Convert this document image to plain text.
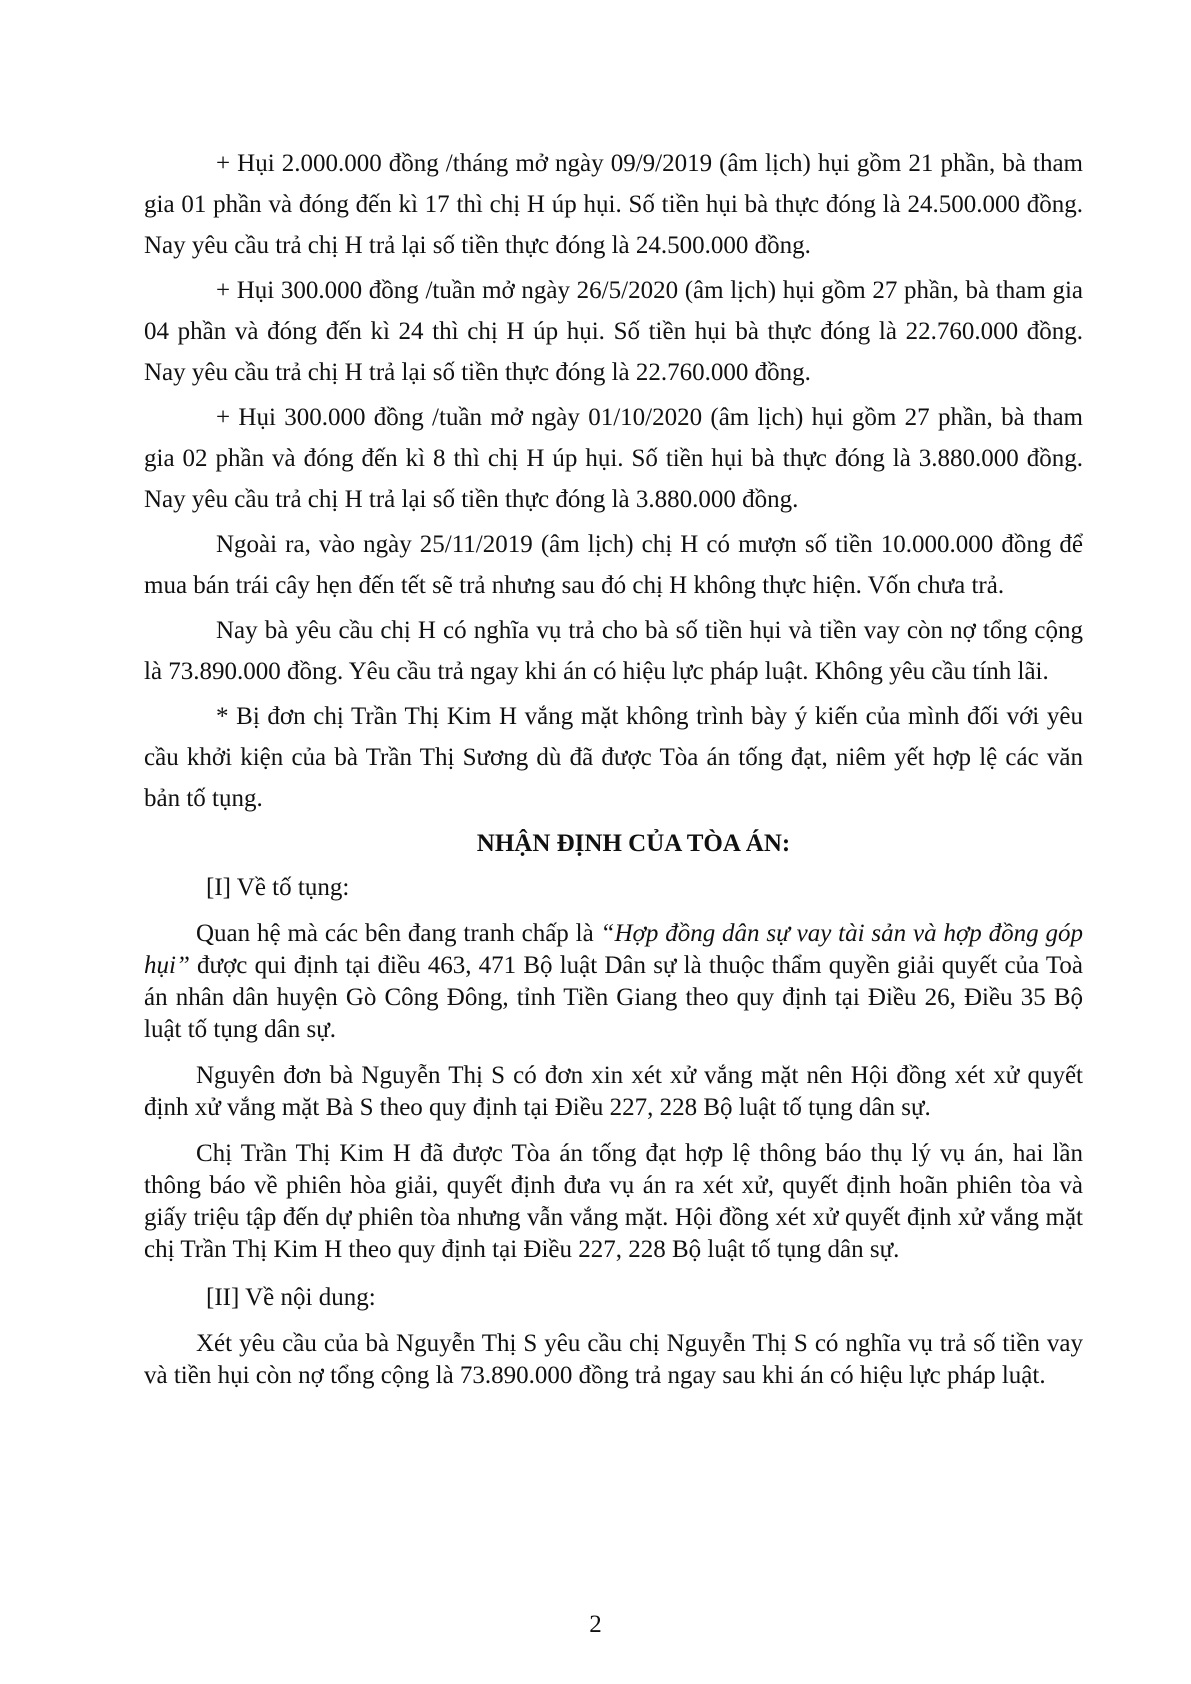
+ Hụi 2.000.000 đồng /tháng mở ngày 09/9/2019 (âm lịch) hụi gồm 21 phần, bà tham gia 01 phần và đóng đến kì 17 thì chị H úp hụi. Số tiền hụi bà thực đóng là 24.500.000 đồng. Nay yêu cầu trả chị H trả lại số tiền thực đóng là 24.500.000 đồng.

+ Hụi 300.000 đồng /tuần mở ngày 26/5/2020 (âm lịch) hụi gồm 27 phần, bà tham gia 04 phần và đóng đến kì 24 thì chị H úp hụi. Số tiền hụi bà thực đóng là 22.760.000 đồng. Nay yêu cầu trả chị H trả lại số tiền thực đóng là 22.760.000 đồng.

+ Hụi 300.000 đồng /tuần mở ngày 01/10/2020 (âm lịch) hụi gồm 27 phần, bà tham gia 02 phần và đóng đến kì 8 thì chị H úp hụi. Số tiền hụi bà thực đóng là 3.880.000 đồng. Nay yêu cầu trả chị H trả lại số tiền thực đóng là 3.880.000 đồng.

Ngoài ra, vào ngày 25/11/2019 (âm lịch) chị H có mượn số tiền 10.000.000 đồng để mua bán trái cây hẹn đến tết sẽ trả nhưng sau đó chị H không thực hiện. Vốn chưa trả.

Nay bà yêu cầu chị H có nghĩa vụ trả cho bà số tiền hụi và tiền vay còn nợ tổng cộng là 73.890.000 đồng. Yêu cầu trả ngay khi án có hiệu lực pháp luật. Không yêu cầu tính lãi.

* Bị đơn chị Trần Thị Kim H vắng mặt không trình bày ý kiến của mình đối với yêu cầu khởi kiện của bà Trần Thị Sương dù đã được Tòa án tống đạt, niêm yết hợp lệ các văn bản tố tụng.

NHẬN ĐỊNH CỦA TÒA ÁN:

[I] Về tố tụng:

Quan hệ mà các bên đang tranh chấp là “Hợp đồng dân sự vay tài sản và hợp đồng góp hụi” được qui định tại điều 463, 471 Bộ luật Dân sự là thuộc thẩm quyền giải quyết của Toà án nhân dân huyện Gò Công Đông, tỉnh Tiền Giang theo quy định tại Điều 26, Điều 35 Bộ luật tố tụng dân sự.

Nguyên đơn bà Nguyễn Thị S có đơn xin xét xử vắng mặt nên Hội đồng xét xử quyết định xử vắng mặt Bà S theo quy định tại Điều 227, 228 Bộ luật tố tụng dân sự.

Chị Trần Thị Kim H đã được Tòa án tống đạt hợp lệ thông báo thụ lý vụ án, hai lần thông báo về phiên hòa giải, quyết định đưa vụ án ra xét xử, quyết định hoãn phiên tòa và giấy triệu tập đến dự phiên tòa nhưng vẫn vắng mặt. Hội đồng xét xử quyết định xử vắng mặt chị Trần Thị Kim H theo quy định tại Điều 227, 228 Bộ luật tố tụng dân sự.

[II] Về nội dung:

Xét yêu cầu của bà Nguyễn Thị S yêu cầu chị Nguyễn Thị S có nghĩa vụ trả số tiền vay và tiền hụi còn nợ tổng cộng là 73.890.000 đồng trả ngay sau khi án có hiệu lực pháp luật.

2
